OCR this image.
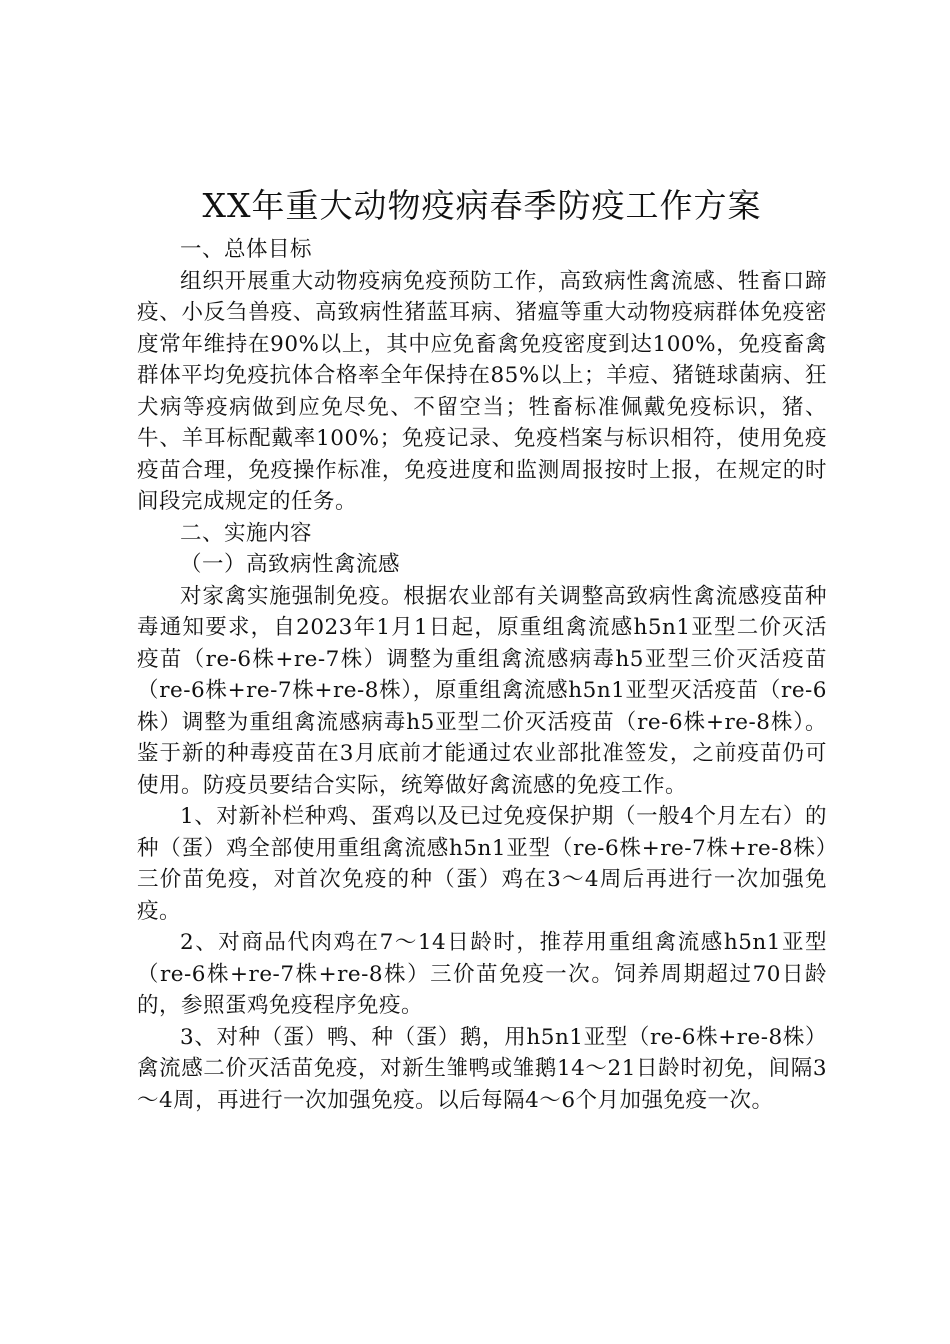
XX年重大动物疫病春季防疫工作方案

一、总体目标

组织开展重大动物疫病免疫预防工作，高致病性禽流感、牲畜口蹄疫、小反刍兽疫、高致病性猪蓝耳病、猪瘟等重大动物疫病群体免疫密度常年维持在90%以上，其中应免畜禽免疫密度到达100%，免疫畜禽群体平均免疫抗体合格率全年保持在85%以上；羊痘、猪链球菌病、狂犬病等疫病做到应免尽免、不留空当；牲畜标准佩戴免疫标识，猪、牛、羊耳标配戴率100%；免疫记录、免疫档案与标识相符，使用免疫疫苗合理，免疫操作标准，免疫进度和监测周报按时上报，在规定的时间段完成规定的任务。

二、实施内容

（一）高致病性禽流感

对家禽实施强制免疫。根据农业部有关调整高致病性禽流感疫苗种毒通知要求，自2023年1月1日起，原重组禽流感h5n1亚型二价灭活疫苗（re-6株+re-7株）调整为重组禽流感病毒h5亚型三价灭活疫苗（re-6株+re-7株+re-8株），原重组禽流感h5n1亚型灭活疫苗（re-6株）调整为重组禽流感病毒h5亚型二价灭活疫苗（re-6株+re-8株）。鉴于新的种毒疫苗在3月底前才能通过农业部批准签发，之前疫苗仍可使用。防疫员要结合实际，统筹做好禽流感的免疫工作。

1、对新补栏种鸡、蛋鸡以及已过免疫保护期（一般4个月左右）的种（蛋）鸡全部使用重组禽流感h5n1亚型（re-6株+re-7株+re-8株）三价苗免疫，对首次免疫的种（蛋）鸡在3～4周后再进行一次加强免疫。

2、对商品代肉鸡在7～14日龄时，推荐用重组禽流感h5n1亚型（re-6株+re-7株+re-8株）三价苗免疫一次。饲养周期超过70日龄的，参照蛋鸡免疫程序免疫。

3、对种（蛋）鸭、种（蛋）鹅，用h5n1亚型（re-6株+re-8株）禽流感二价灭活苗免疫，对新生雏鸭或雏鹅14～21日龄时初免，间隔3～4周，再进行一次加强免疫。以后每隔4～6个月加强免疫一次。
